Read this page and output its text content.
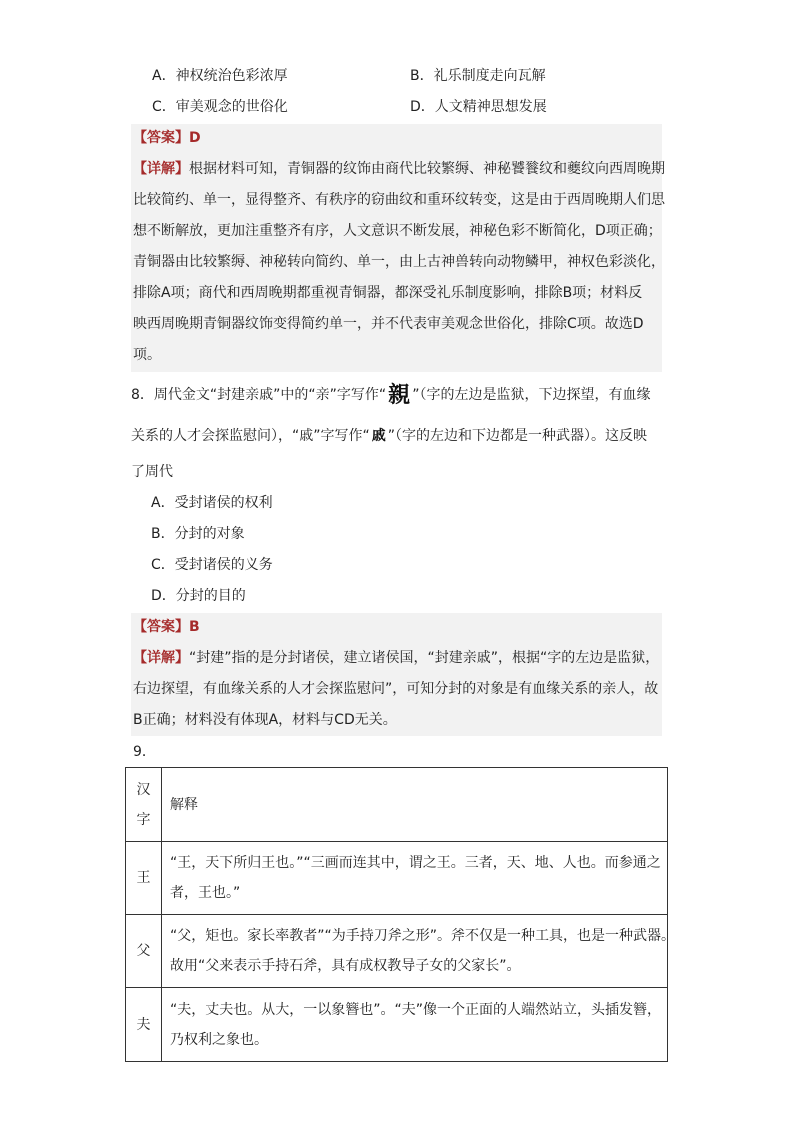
A．神权统治色彩浓厚	B．礼乐制度走向瓦解
C．审美观念的世俗化	D．人文精神思想发展
【答案】D
【详解】根据材料可知，青铜器的纹饰由商代比较繁缛、神秘饕餮纹和夔纹向西周晚期
比较简约、单一，显得整齐、有秩序的窃曲纹和重环纹转变，这是由于西周晚期人们思
想不断解放，更加注重整齐有序，人文意识不断发展，神秘色彩不断简化，D项正确；
青铜器由比较繁缛、神秘转向简约、单一，由上古神兽转向动物鳞甲，神权色彩淡化，
排除A项；商代和西周晚期都重视青铜器，都深受礼乐制度影响，排除B项；材料反
映西周晚期青铜器纹饰变得简约单一，并不代表审美观念世俗化，排除C项。故选D
项。
8．周代金文“封建亲戚”中的“亲”字写作“親 ”（字的左边是监狱，下边探望，有血缘
关系的人才会探监慰问），“戚”字写作“ 戚 ”（字的左边和下边都是一种武器）。这反映
了周代
A．受封诸侯的权利
B．分封的对象
C．受封诸侯的义务
D．分封的目的
【答案】B
【详解】“封建”指的是分封诸侯，建立诸侯国，“封建亲戚”，根据“字的左边是监狱，
右边探望，有血缘关系的人才会探监慰问”，可知分封的对象是有血缘关系的亲人，故
B正确；材料没有体现A，材料与CD无关。
9．
汉
字	解释
王	“王，天下所归王也。”“三画而连其中，谓之王。三者，天、地、人也。而参通之
者，王也。”

父	“父，矩也。家长率教者”“为手持刀斧之形”。斧不仅是一种工具，也是一种武器。
故用“父来表示手持石斧，具有成权教导子女的父家长”。

夫	“夫，丈夫也。从大，一以象簪也”。“夫”像一个正面的人端然站立，头插发簪，
乃权利之象也。
